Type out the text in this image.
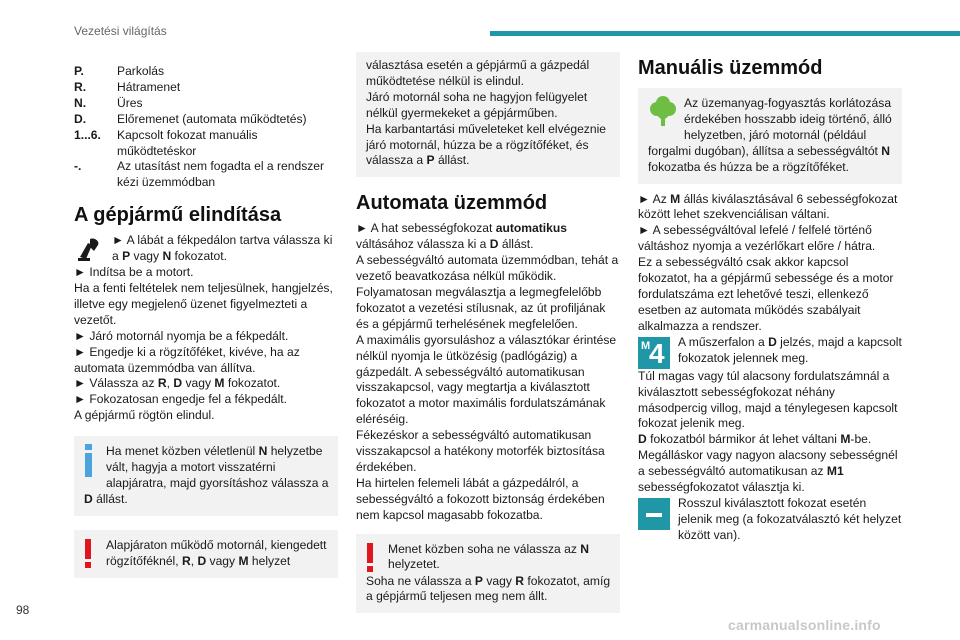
Vezetési világítás
P.	Parkolás
R.	Hátramenet
N.	Üres
D.	Előremenet (automata működtetés)
1...6.	Kapcsolt fokozat manuális működtetéskor
-.	Az utasítást nem fogadta el a rendszer kézi üzemmódban
A gépjármű elindítása
► A lábát a fékpedálon tartva válassza ki a P vagy N fokozatot.
► Indítsa be a motort.
Ha a fenti feltételek nem teljesülnek, hangjelzés, illetve egy megjelenő üzenet figyelmezteti a vezetőt.
► Járó motornál nyomja be a fékpedált.
► Engedje ki a rögzítőféket, kivéve, ha az automata üzemmódba van állítva.
► Válassza az R, D vagy M fokozatot.
► Fokozatosan engedje fel a fékpedált.
A gépjármű rögtön elindul.
Ha menet közben véletlenül N helyzetbe vált, hagyja a motort visszatérni alapjáratra, majd gyorsításhoz válassza a D állást.
Alapjáraton működő motornál, kiengedett rögzítőféknél, R, D vagy M helyzet
választása esetén a gépjármű a gázpedál működtetése nélkül is elindul.
Járó motornál soha ne hagyjon felügyelet nélkül gyermekeket a gépjárműben.
Ha karbantartási műveleteket kell elvégeznie járó motornál, húzza be a rögzítőféket, és válassza a P állást.
Automata üzemmód
► A hat sebességfokozat automatikus váltásához válassza ki a D állást.
A sebességváltó automata üzemmódban, tehát a vezető beavatkozása nélkül működik.
Folyamatosan megválasztja a legmegfelelőbb fokozatot a vezetési stílusnak, az út profiljának és a gépjármű terhelésének megfelelően.
A maximális gyorsuláshoz a választókar érintése nélkül nyomja le ütközésig (padlógázig) a gázpedált. A sebességváltó automatikusan visszakapcsol, vagy megtartja a kiválasztott fokozatot a motor maximális fordulatszámának eléréséig.
Fékezéskor a sebességváltó automatikusan visszakapcsol a hatékony motorfék biztosítása érdekében.
Ha hirtelen felemeli lábát a gázpedálról, a sebességváltó a fokozott biztonság érdekében nem kapcsol magasabb fokozatba.
Menet közben soha ne válassza az N helyzetet.
Soha ne válassza a P vagy R fokozatot, amíg a gépjármű teljesen meg nem állt.
Manuális üzemmód
Az üzemanyag-fogyasztás korlátozása érdekében hosszabb ideig történő, álló helyzetben, járó motornál (például forgalmi dugóban), állítsa a sebességváltót N fokozatba és húzza be a rögzítőféket.
► Az M állás kiválasztásával 6 sebességfokozat között lehet szekvenciálisan váltani.
► A sebességváltóval lefelé / felfelé történő váltáshoz nyomja a vezérlőkart előre / hátra.
Ez a sebességváltó csak akkor kapcsol fokozatot, ha a gépjármű sebessége és a motor fordulatszáma ezt lehetővé teszi, ellenkező esetben az automata működés szabályait alkalmazza a rendszer.
M
4 A műszerfalon a D jelzés, majd a kapcsolt fokozatok jelennek meg.
Túl magas vagy túl alacsony fordulatszámnál a kiválasztott sebességfokozat néhány másodpercig villog, majd a ténylegesen kapcsolt fokozat jelenik meg.
D fokozatból bármikor át lehet váltani M-be.
Megálláskor vagy nagyon alacsony sebességnél a sebességváltó automatikusan az M1 sebességfokozatot választja ki.
Rosszul kiválasztott fokozat esetén jelenik meg (a fokozatválasztó két helyzet között van).
98
carmanualsonline.info
